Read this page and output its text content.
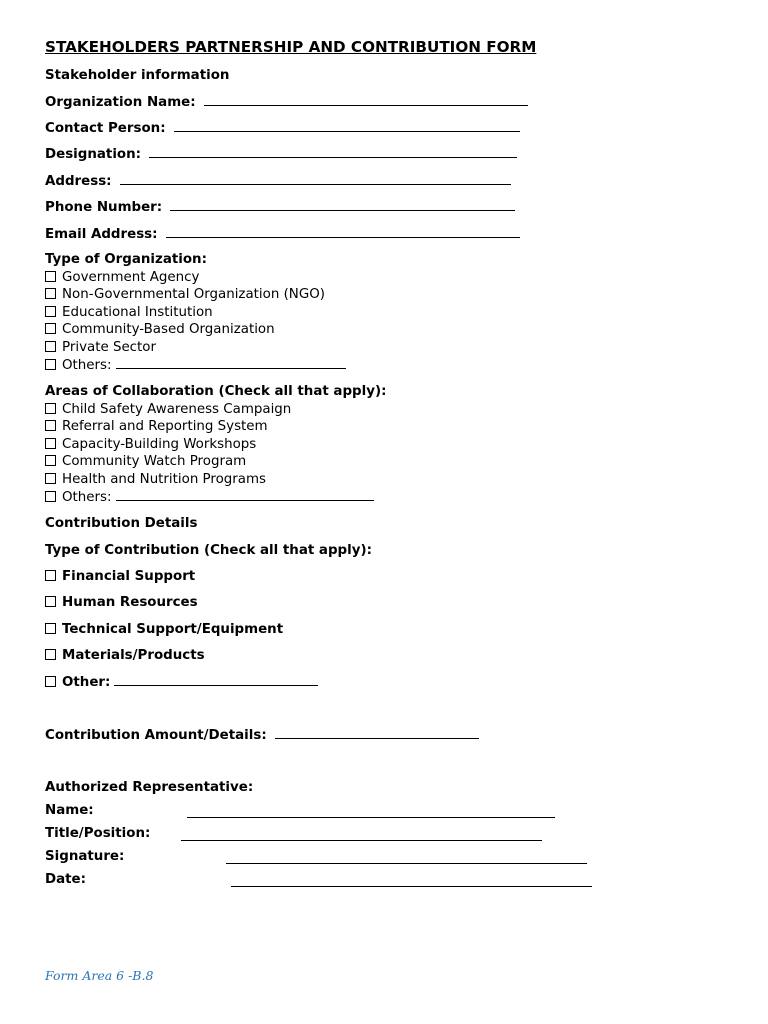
STAKEHOLDERS PARTNERSHIP AND CONTRIBUTION FORM
Stakeholder information
Organization Name:
Contact Person:
Designation:
Address:
Phone Number:
Email Address:
Type of Organization:
Government Agency
Non-Governmental Organization (NGO)
Educational Institution
Community-Based Organization
Private Sector
Others:
Areas of Collaboration (Check all that apply):
Child Safety Awareness Campaign
Referral and Reporting System
Capacity-Building Workshops
Community Watch Program
Health and Nutrition Programs
Others:
Contribution Details
Type of Contribution (Check all that apply):
Financial Support
Human Resources
Technical Support/Equipment
Materials/Products
Other:
Contribution Amount/Details:
Authorized Representative:
Name:
Title/Position:
Signature:
Date:
Form Area 6 -B.8
